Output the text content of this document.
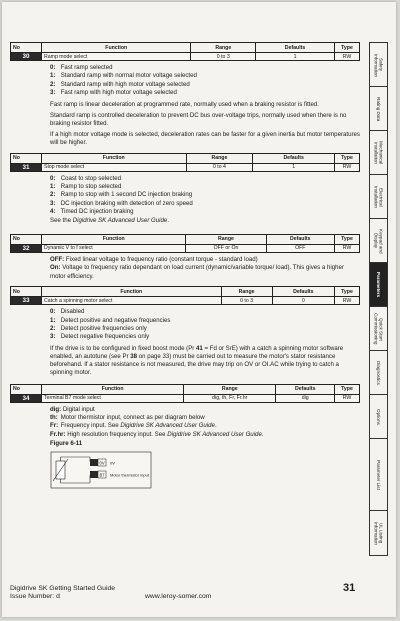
No	Function	Range	Defaults	Type
30	Ramp mode select	0 to 3	1	RW
0: Fast ramp selected
1: Standard ramp with normal motor voltage selected
2: Standard ramp with high motor voltage selected
3: Fast ramp with high motor voltage selected
Fast ramp is linear deceleration at programmed rate, normally used when a braking resistor is fitted.
Standard ramp is controlled deceleration to prevent DC bus over-voltage trips, normally used when there is no braking resistor fitted.
If a high motor voltage mode is selected, deceleration rates can be faster for a given inertia but motor temperatures will be higher.
No	Function	Range	Defaults	Type
31	Stop mode select	0 to 4	1	RW
0: Coast to stop selected
1: Ramp to stop selected
2: Ramp to stop with 1 second DC injection braking
3: DC injection braking with detection of zero speed
4: Timed DC injection braking
See the Digidrive SK Advanced User Guide.
No	Function	Range	Defaults	Type
32	Dynamic V to f select	OFF or On	OFF	RW
OFF: Fixed linear voltage to frequency ratio (constant torque - standard load)
On: Voltage to frequency ratio dependant on load current (dynamic/variable torque/ load). This gives a higher motor efficiency.
No	Function	Range	Defaults	Type
33	Catch a spinning motor select	0 to 3	0	RW
0: Disabled
1: Detect positive and negative frequencies
2: Detect positive frequencies only
3: Detect negative frequencies only
If the drive is to be configured in fixed boost mode (Pr 41 = Fd or SrE) with a catch a spinning motor software enabled, an autotune (see Pr 38 on page 33) must be carried out to measure the motor's stator resistance beforehand. If a stator resistance is not measured, the drive may trip on OV or OI.AC while trying to catch a spinning motor.
No	Function	Range	Defaults	Type
34	Terminal B7 mode select	dig, th, Fr, Fr.hr	dig	RW
dig: Digital input
th: Motor thermistor input, connect as per diagram below
Fr: Frequency input. See Digidrive SK Advanced User Guide.
Fr.hr: High resolution frequency input. See Digidrive SK Advanced User Guide.
Figure 6-11
0V
B7
0V
Motor thermistor input
Safety
Information
Rating Data
Mechanical
Installation
Electrical
Installation
Keypad and
Display
Parameters
Quick Start
Commissioning
Diagnostics
Options
Parameter List
UL Listing
Information
Digidrive SK Getting Started Guide
Issue Number: d	www.leroy-somer.com
31
